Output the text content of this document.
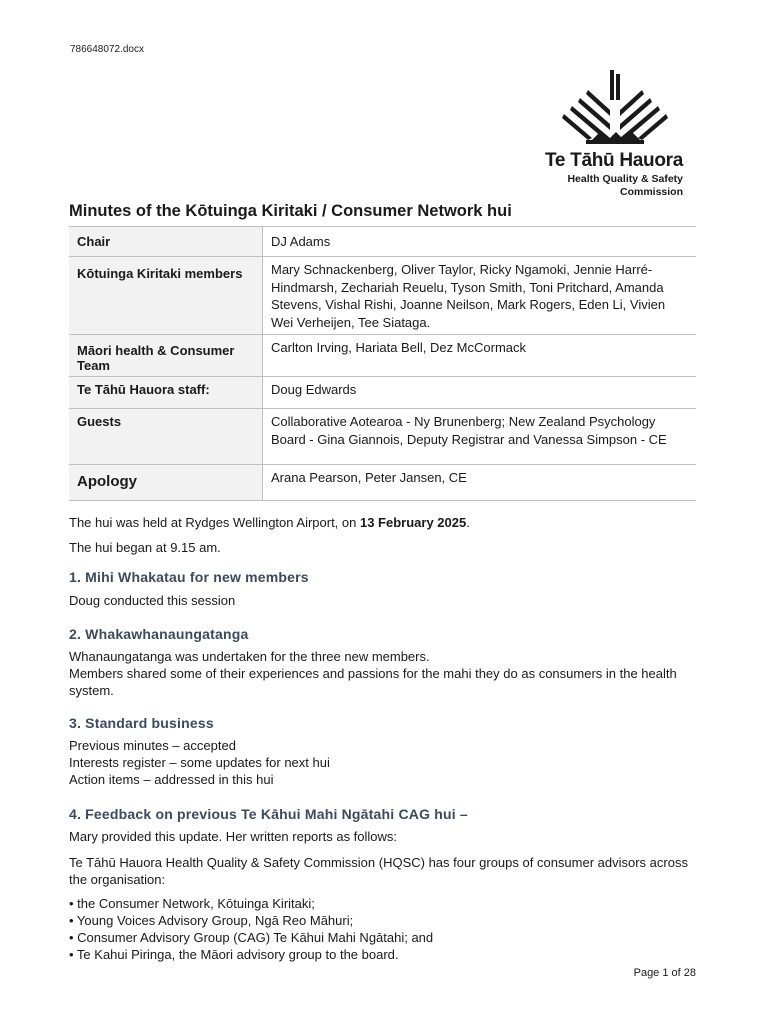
786648072.docx
Te Tāhū Hauora
Health Quality & Safety
Commission
Minutes of the Kōtuinga Kiritaki / Consumer Network hui
Chair	DJ Adams
Kōtuinga Kiritaki members	Mary Schnackenberg, Oliver Taylor, Ricky Ngamoki, Jennie Harré-Hindmarsh, Zechariah Reuelu, Tyson Smith, Toni Pritchard, Amanda Stevens, Vishal Rishi, Joanne Neilson, Mark Rogers, Eden Li, Vivien Wei Verheijen, Tee Siataga.
Māori health & Consumer Team	Carlton Irving, Hariata Bell, Dez McCormack
Te Tāhū Hauora staff:	Doug Edwards
Guests	Collaborative Aotearoa - Ny Brunenberg; New Zealand Psychology Board - Gina Giannois, Deputy Registrar and Vanessa Simpson - CE
Apology	Arana Pearson, Peter Jansen, CE

The hui was held at Rydges Wellington Airport, on 13 February 2025.

The hui began at 9.15 am.

1. Mihi Whakatau for new members
Doug conducted this session
2. Whakawhanaungatanga
Whanaungatanga was undertaken for the three new members.
Members shared some of their experiences and passions for the mahi they do as consumers in the health system.
3. Standard business
Previous minutes – accepted
Interests register – some updates for next hui
Action items – addressed in this hui
4. Feedback on previous Te Kāhui Mahi Ngātahi CAG hui –
Mary provided this update. Her written reports as follows:

Te Tāhū Hauora Health Quality & Safety Commission (HQSC) has four groups of consumer advisors across the organisation:

• the Consumer Network, Kōtuinga Kiritaki;
• Young Voices Advisory Group, Ngā Reo Māhuri;
• Consumer Advisory Group (CAG) Te Kāhui Mahi Ngātahi; and
• Te Kahui Piringa, the Māori advisory group to the board.
Page 1 of 28
